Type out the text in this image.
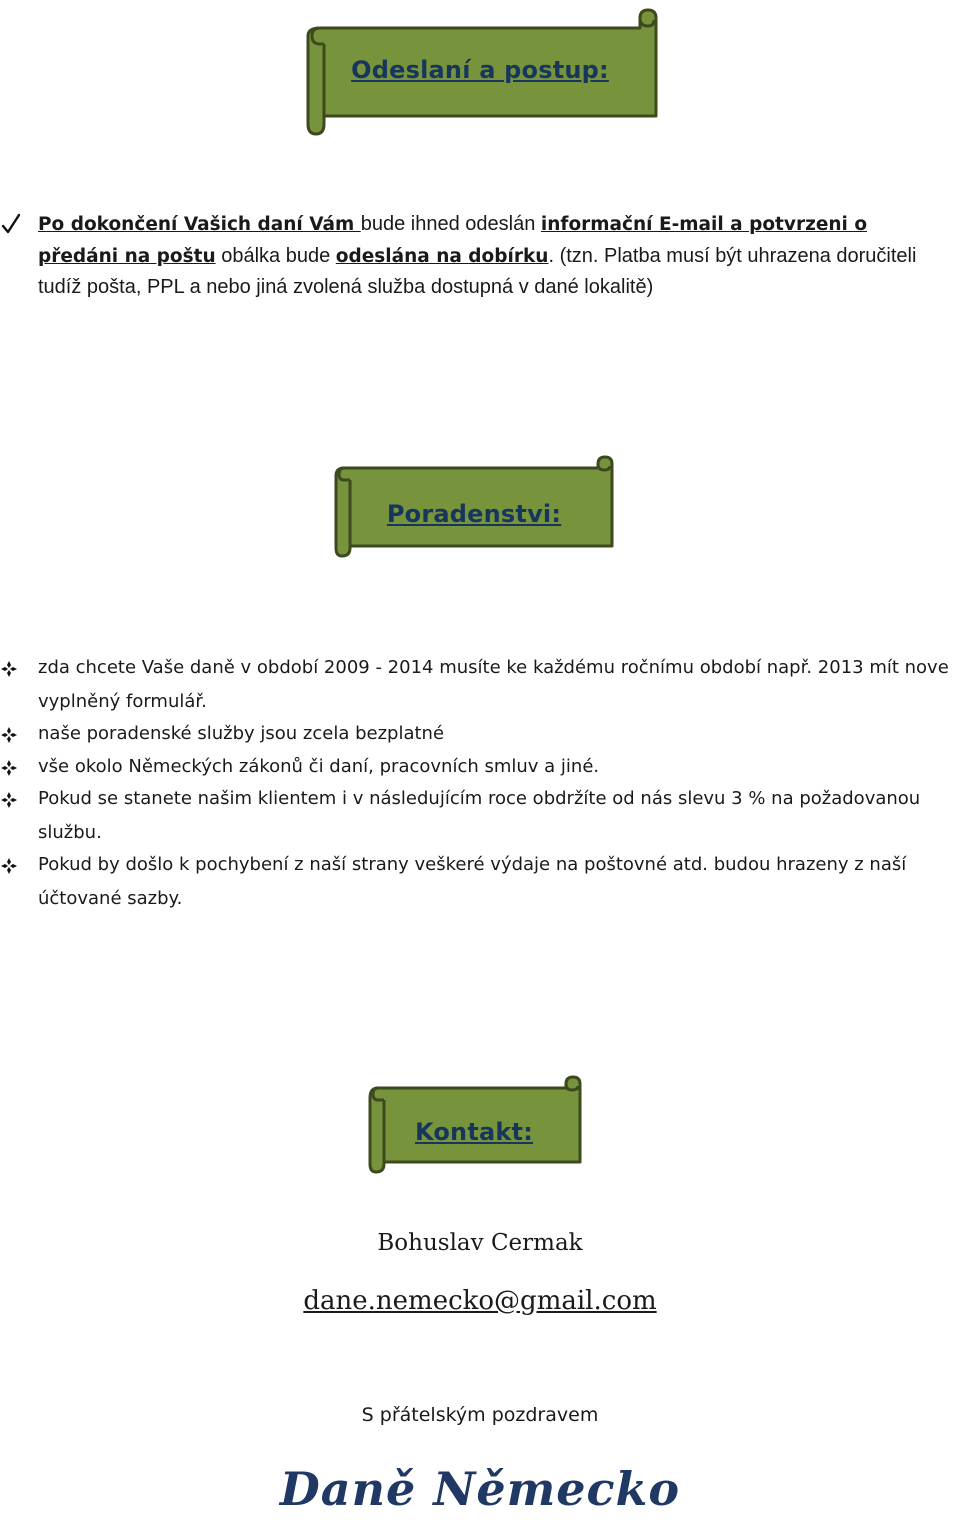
Odeslaní a postup:
Po dokončení Vašich daní Vám bude ihned odeslán informační E-mail a potvrzeni o předáni na poštu obálka bude odeslána na dobírku. (tzn. Platba musí být uhrazena doručiteli tudíž pošta, PPL a nebo jiná zvolená služba dostupná v dané lokalitě)
Poradenstvi:
zda chcete Vaše daně v období 2009 - 2014 musíte ke každému ročnímu období např. 2013 mít nove vyplněný formulář.
naše poradenské služby jsou zcela bezplatné
vše okolo Německých zákonů či daní, pracovních smluv a jiné.
Pokud se stanete našim klientem i v následujícím roce obdržíte od nás slevu 3 % na požadovanou službu.
Pokud by došlo k pochybení z naší strany veškeré výdaje na poštovné atd. budou hrazeny z naší účtované sazby.
Kontakt:
Bohuslav Cermak
dane.nemecko@gmail.com
S přátelským pozdravem
Daně Německo
